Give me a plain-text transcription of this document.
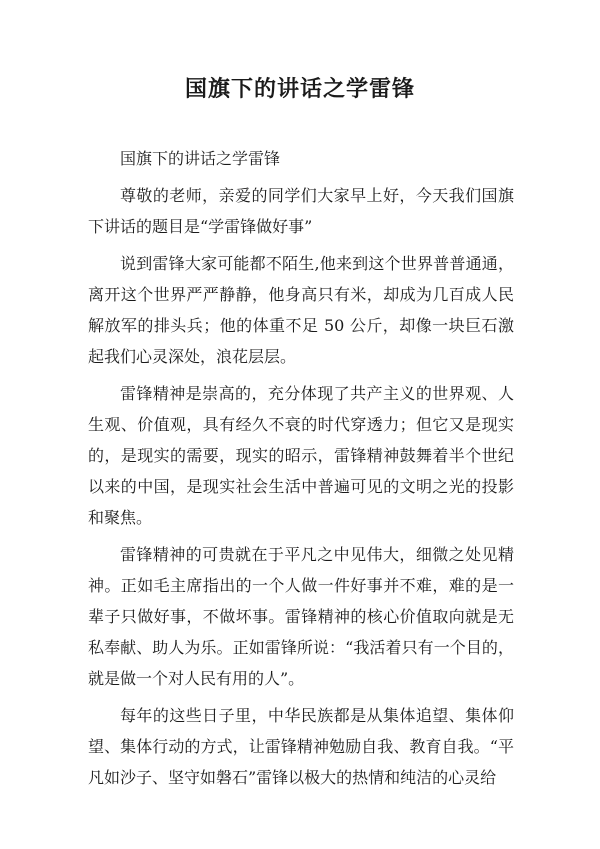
国旗下的讲话之学雷锋

国旗下的讲话之学雷锋

尊敬的老师，亲爱的同学们大家早上好，今天我们国旗下讲话的题目是“学雷锋做好事”

说到雷锋大家可能都不陌生,他来到这个世界普普通通，离开这个世界严严静静，他身高只有米，却成为几百成人民解放军的排头兵；他的体重不足 50 公斤，却像一块巨石激起我们心灵深处，浪花层层。

雷锋精神是崇高的，充分体现了共产主义的世界观、人生观、价值观，具有经久不衰的时代穿透力；但它又是现实的，是现实的需要，现实的昭示，雷锋精神鼓舞着半个世纪以来的中国，是现实社会生活中普遍可见的文明之光的投影和聚焦。

雷锋精神的可贵就在于平凡之中见伟大，细微之处见精神。正如毛主席指出的一个人做一件好事并不难，难的是一辈子只做好事，不做坏事。雷锋精神的核心价值取向就是无私奉献、助人为乐。正如雷锋所说：“我活着只有一个目的，就是做一个对人民有用的人”。

每年的这些日子里，中华民族都是从集体追望、集体仰望、集体行动的方式，让雷锋精神勉励自我、教育自我。“平凡如沙子、坚守如磐石”雷锋以极大的热情和纯洁的心灵给
